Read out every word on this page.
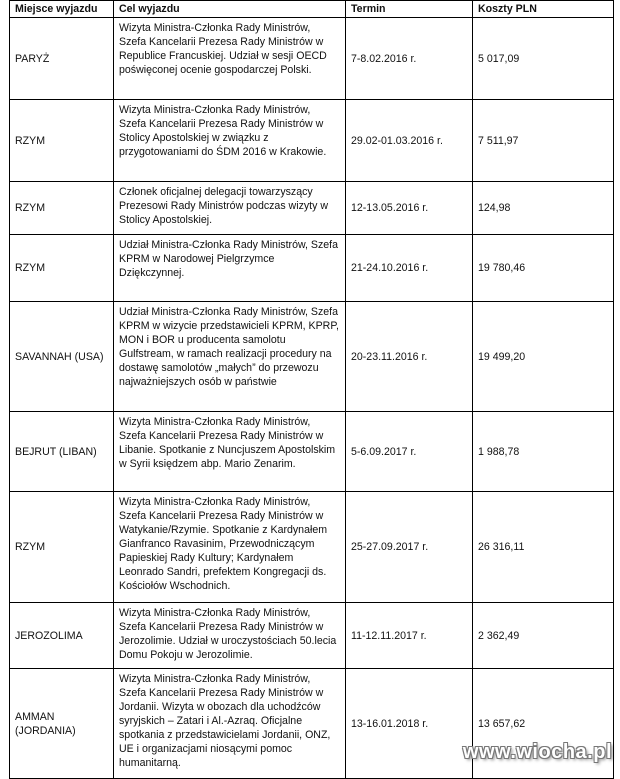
Miejsce wyjazdu	Cel wyjazdu	Termin	Koszty PLN
PARYŻ	Wizyta Ministra-Członka Rady Ministrów, Szefa Kancelarii Prezesa Rady Ministrów w Republice Francuskiej. Udział w sesji OECD poświęconej ocenie gospodarczej Polski.	7-8.02.2016 r.	5 017,09
RZYM	Wizyta Ministra-Członka Rady Ministrów, Szefa Kancelarii Prezesa Rady Ministrów w Stolicy Apostolskiej w związku z przygotowaniami do ŚDM 2016 w Krakowie.	29.02-01.03.2016 r.	7 511,97
RZYM	Członek oficjalnej delegacji towarzyszący Prezesowi Rady Ministrów podczas wizyty w Stolicy Apostolskiej.	12-13.05.2016 r.	124,98
RZYM	Udział Ministra-Członka Rady Ministrów, Szefa KPRM w Narodowej Pielgrzymce Dziękczynnej.	21-24.10.2016 r.	19 780,46
SAVANNAH (USA)	Udział Ministra-Członka Rady Ministrów, Szefa KPRM w wizycie przedstawicieli KPRM, KPRP, MON i BOR u producenta samolotu Gulfstream, w ramach realizacji procedury na dostawę samolotów „małych” do przewozu najważniejszych osób w państwie	20-23.11.2016 r.	19 499,20
BEJRUT (LIBAN)	Wizyta Ministra-Członka Rady Ministrów, Szefa Kancelarii Prezesa Rady Ministrów w Libanie. Spotkanie z Nuncjuszem Apostolskim w Syrii księdzem abp. Mario Zenarim.	5-6.09.2017 r.	1 988,78
RZYM	Wizyta Ministra-Członka Rady Ministrów, Szefa Kancelarii Prezesa Rady Ministrów w Watykanie/Rzymie. Spotkanie z Kardynałem Gianfranco Ravasinim, Przewodniczącym Papieskiej Rady Kultury; Kardynałem Leonrado Sandri, prefektem Kongregacji ds. Kościołów Wschodnich.	25-27.09.2017 r.	26 316,11
JEROZOLIMA	Wizyta Ministra-Członka Rady Ministrów, Szefa Kancelarii Prezesa Rady Ministrów w Jerozolimie. Udział w uroczystościach 50.lecia Domu Pokoju w Jerozolimie.	11-12.11.2017 r.	2 362,49
AMMAN (JORDANIA)	Wizyta Ministra-Członka Rady Ministrów, Szefa Kancelarii Prezesa Rady Ministrów w Jordanii. Wizyta w obozach dla uchodźców syryjskich – Zatari i Al.-Azraq. Oficjalne spotkania z przedstawicielami Jordanii, ONZ, UE i organizacjami niosącymi pomoc humanitarną.	13-16.01.2018 r.	13 657,62
www.wiocha.pl
